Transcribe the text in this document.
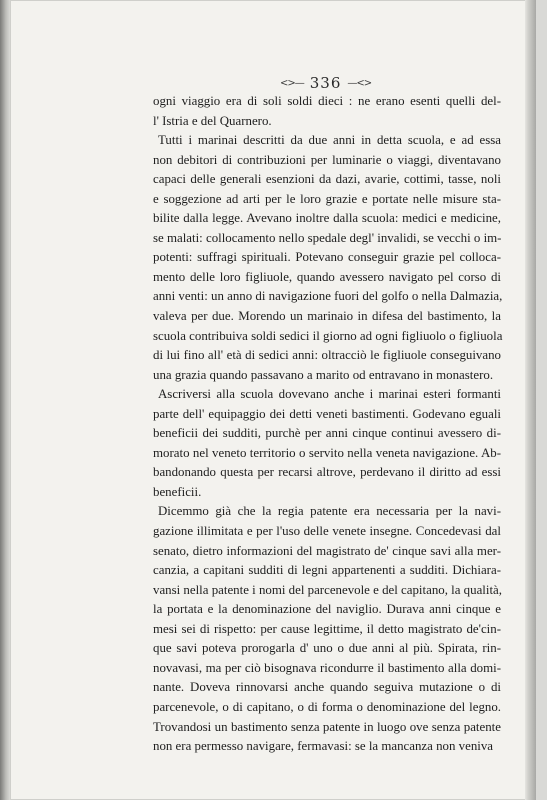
<>— 336 —<>
ogni viaggio era di soli soldi dieci : ne erano esenti quelli del-
l' Istria e del Quarnero.
Tutti i marinai descritti da due anni in detta scuola, e ad essa
non debitori di contribuzioni per luminarie o viaggi, diventavano
capaci delle generali esenzioni da dazi, avarie, cottimi, tasse, noli
e soggezione ad arti per le loro grazie e portate nelle misure sta-
bilite dalla legge. Avevano inoltre dalla scuola: medici e medicine,
se malati: collocamento nello spedale degl' invalidi, se vecchi o im-
potenti: suffragi spirituali. Potevano conseguir grazie pel colloca-
mento delle loro figliuole, quando avessero navigato pel corso di
anni venti: un anno di navigazione fuori del golfo o nella Dalmazia,
valeva per due. Morendo un marinaio in difesa del bastimento, la
scuola contribuiva soldi sedici il giorno ad ogni figliuolo o figliuola
di lui fino all' età di sedici anni: oltracciò le figliuole conseguivano
una grazia quando passavano a marito od entravano in monastero.
Ascriversi alla scuola dovevano anche i marinai esteri formanti
parte dell' equipaggio dei detti veneti bastimenti. Godevano eguali
beneficii dei sudditi, purchè per anni cinque continui avessero di-
morato nel veneto territorio o servito nella veneta navigazione. Ab-
bandonando questa per recarsi altrove, perdevano il diritto ad essi
beneficii.
Dicemmo già che la regia patente era necessaria per la navi-
gazione illimitata e per l'uso delle venete insegne. Concedevasi dal
senato, dietro informazioni del magistrato de' cinque savi alla mer-
canzia, a capitani sudditi di legni appartenenti a sudditi. Dichiara-
vansi nella patente i nomi del parcenevole e del capitano, la qualità,
la portata e la denominazione del naviglio. Durava anni cinque e
mesi sei di rispetto: per cause legittime, il detto magistrato de'cin-
que savi poteva prorogarla d' uno o due anni al più. Spirata, rin-
novavasi, ma per ciò bisognava ricondurre il bastimento alla domi-
nante. Doveva rinnovarsi anche quando seguiva mutazione o di
parcenevole, o di capitano, o di forma o denominazione del legno.
Trovandosi un bastimento senza patente in luogo ove senza patente
non era permesso navigare, fermavasi: se la mancanza non veniva
